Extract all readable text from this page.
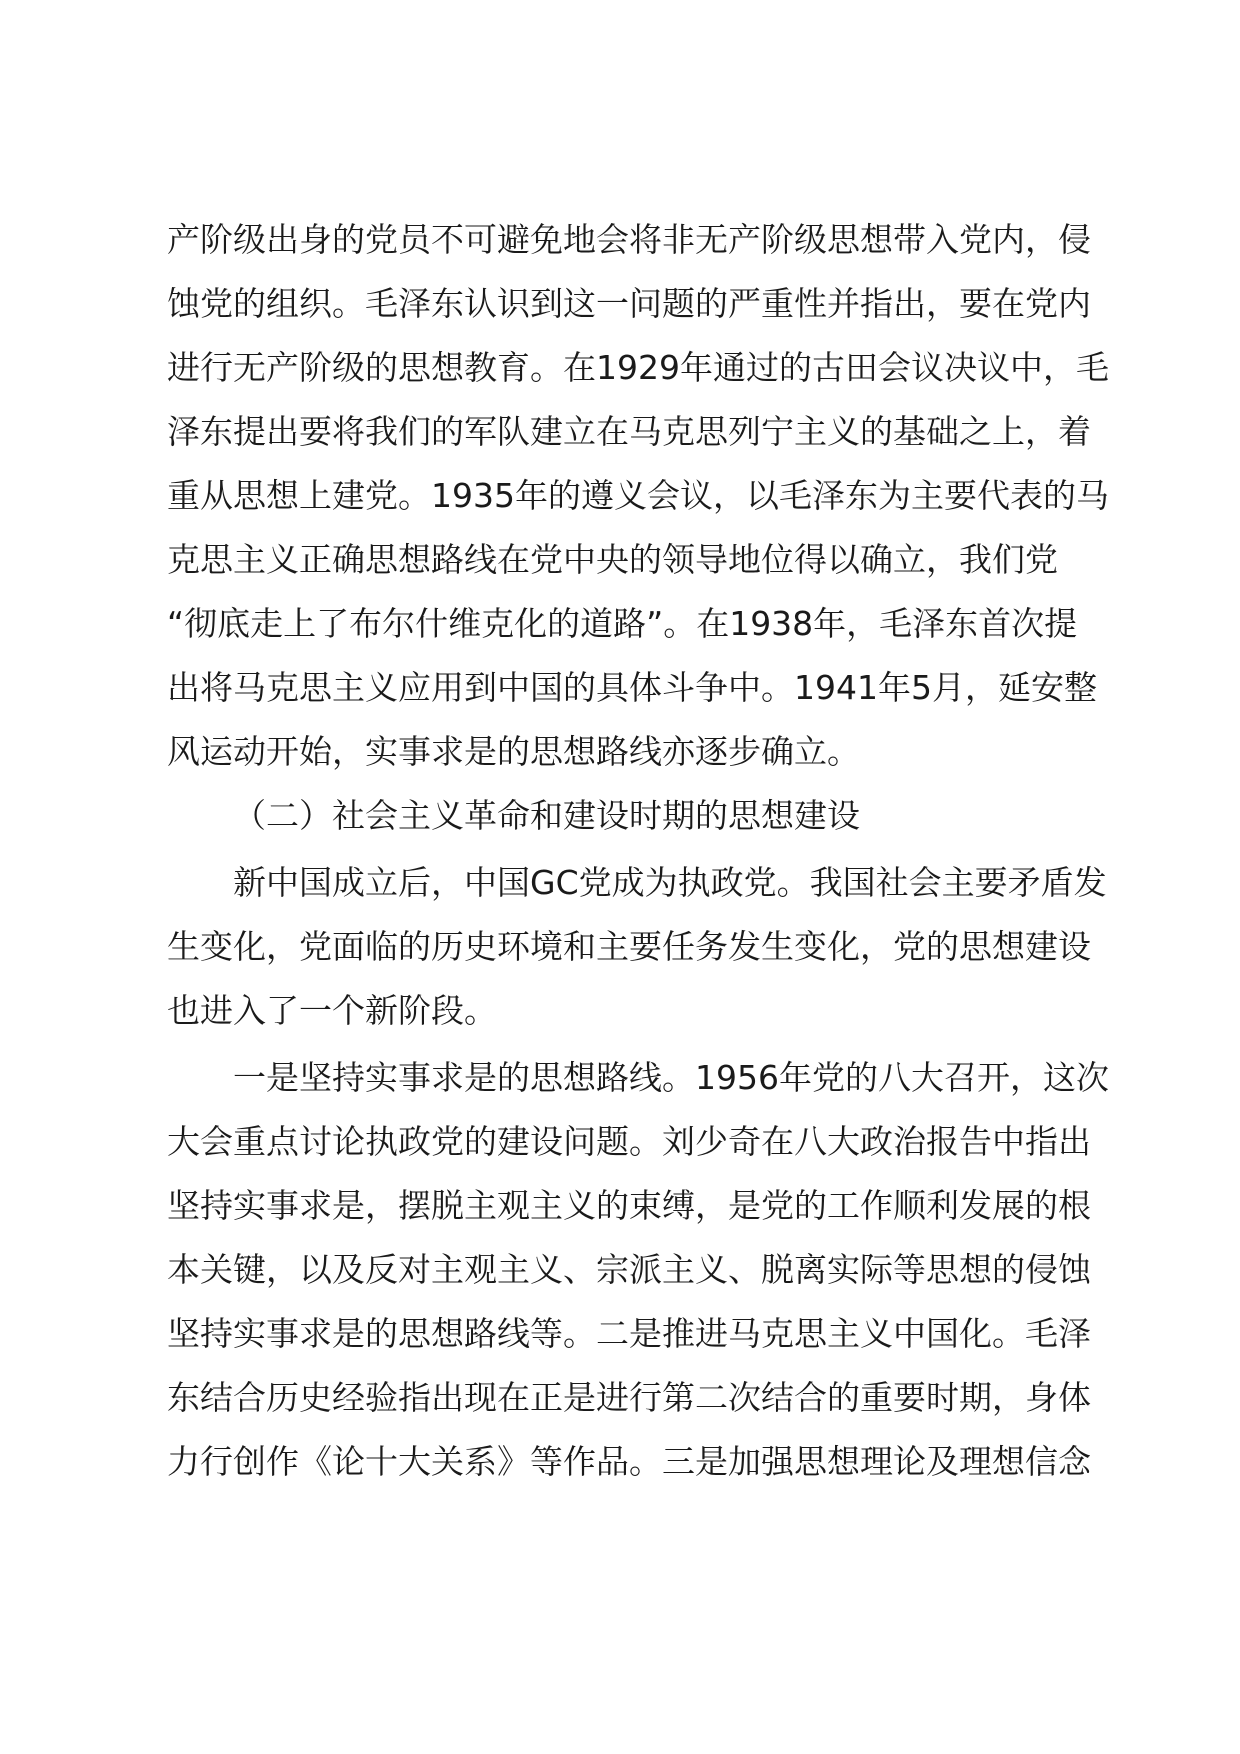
产阶级出身的党员不可避免地会将非无产阶级思想带入党内，侵
蚀党的组织。毛泽东认识到这一问题的严重性并指出，要在党内
进行无产阶级的思想教育。在1929年通过的古田会议决议中，毛
泽东提出要将我们的军队建立在马克思列宁主义的基础之上，着
重从思想上建党。1935年的遵义会议，以毛泽东为主要代表的马
克思主义正确思想路线在党中央的领导地位得以确立，我们党
“彻底走上了布尔什维克化的道路”。在1938年，毛泽东首次提
出将马克思主义应用到中国的具体斗争中。1941年5月，延安整
风运动开始，实事求是的思想路线亦逐步确立。
（二）社会主义革命和建设时期的思想建设
新中国成立后，中国GC党成为执政党。我国社会主要矛盾发
生变化，党面临的历史环境和主要任务发生变化，党的思想建设
也进入了一个新阶段。
一是坚持实事求是的思想路线。1956年党的八大召开，这次
大会重点讨论执政党的建设问题。刘少奇在八大政治报告中指出
坚持实事求是，摆脱主观主义的束缚，是党的工作顺利发展的根
本关键，以及反对主观主义、宗派主义、脱离实际等思想的侵蚀
坚持实事求是的思想路线等。二是推进马克思主义中国化。毛泽
东结合历史经验指出现在正是进行第二次结合的重要时期，身体
力行创作《论十大关系》等作品。三是加强思想理论及理想信念
